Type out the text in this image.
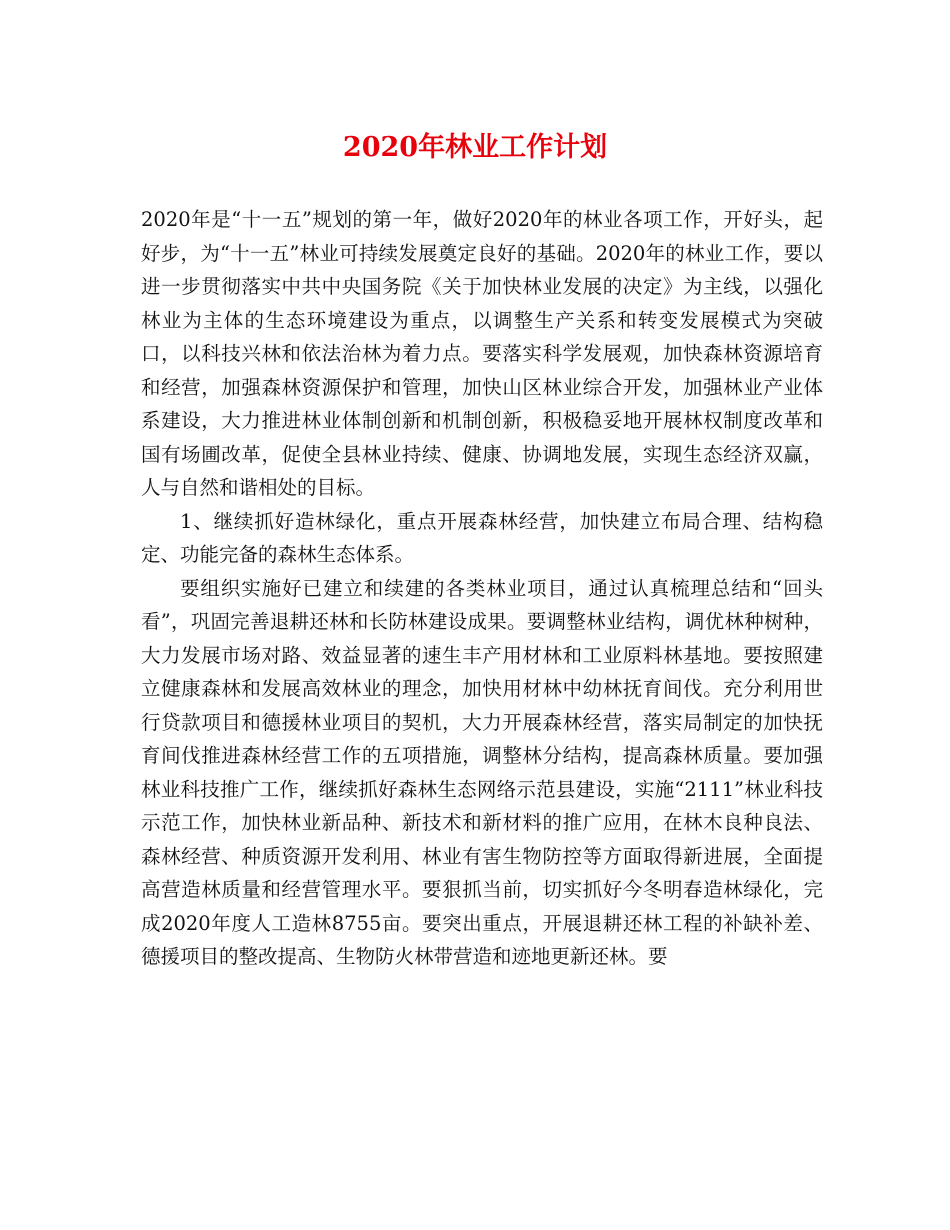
2020年林业工作计划

2020年是“十一五”规划的第一年，做好2020年的林业各项工作，开好头，起好步，为“十一五”林业可持续发展奠定良好的基础。2020年的林业工作，要以进一步贯彻落实中共中央国务院《关于加快林业发展的决定》为主线，以强化林业为主体的生态环境建设为重点，以调整生产关系和转变发展模式为突破口，以科技兴林和依法治林为着力点。要落实科学发展观，加快森林资源培育和经营，加强森林资源保护和管理，加快山区林业综合开发，加强林业产业体系建设，大力推进林业体制创新和机制创新，积极稳妥地开展林权制度改革和国有场圃改革，促使全县林业持续、健康、协调地发展，实现生态经济双赢，人与自然和谐相处的目标。

1、继续抓好造林绿化，重点开展森林经营，加快建立布局合理、结构稳定、功能完备的森林生态体系。

要组织实施好已建立和续建的各类林业项目，通过认真梳理总结和“回头看”，巩固完善退耕还林和长防林建设成果。要调整林业结构，调优林种树种，大力发展市场对路、效益显著的速生丰产用材林和工业原料林基地。要按照建立健康森林和发展高效林业的理念，加快用材林中幼林抚育间伐。充分利用世行贷款项目和德援林业项目的契机，大力开展森林经营，落实局制定的加快抚育间伐推进森林经营工作的五项措施，调整林分结构，提高森林质量。要加强林业科技推广工作，继续抓好森林生态网络示范县建设，实施“2111”林业科技示范工作，加快林业新品种、新技术和新材料的推广应用，在林木良种良法、森林经营、种质资源开发利用、林业有害生物防控等方面取得新进展，全面提高营造林质量和经营管理水平。要狠抓当前，切实抓好今冬明春造林绿化，完成2020年度人工造林8755亩。要突出重点，开展退耕还林工程的补缺补差、德援项目的整改提高、生物防火林带营造和迹地更新还林。要
